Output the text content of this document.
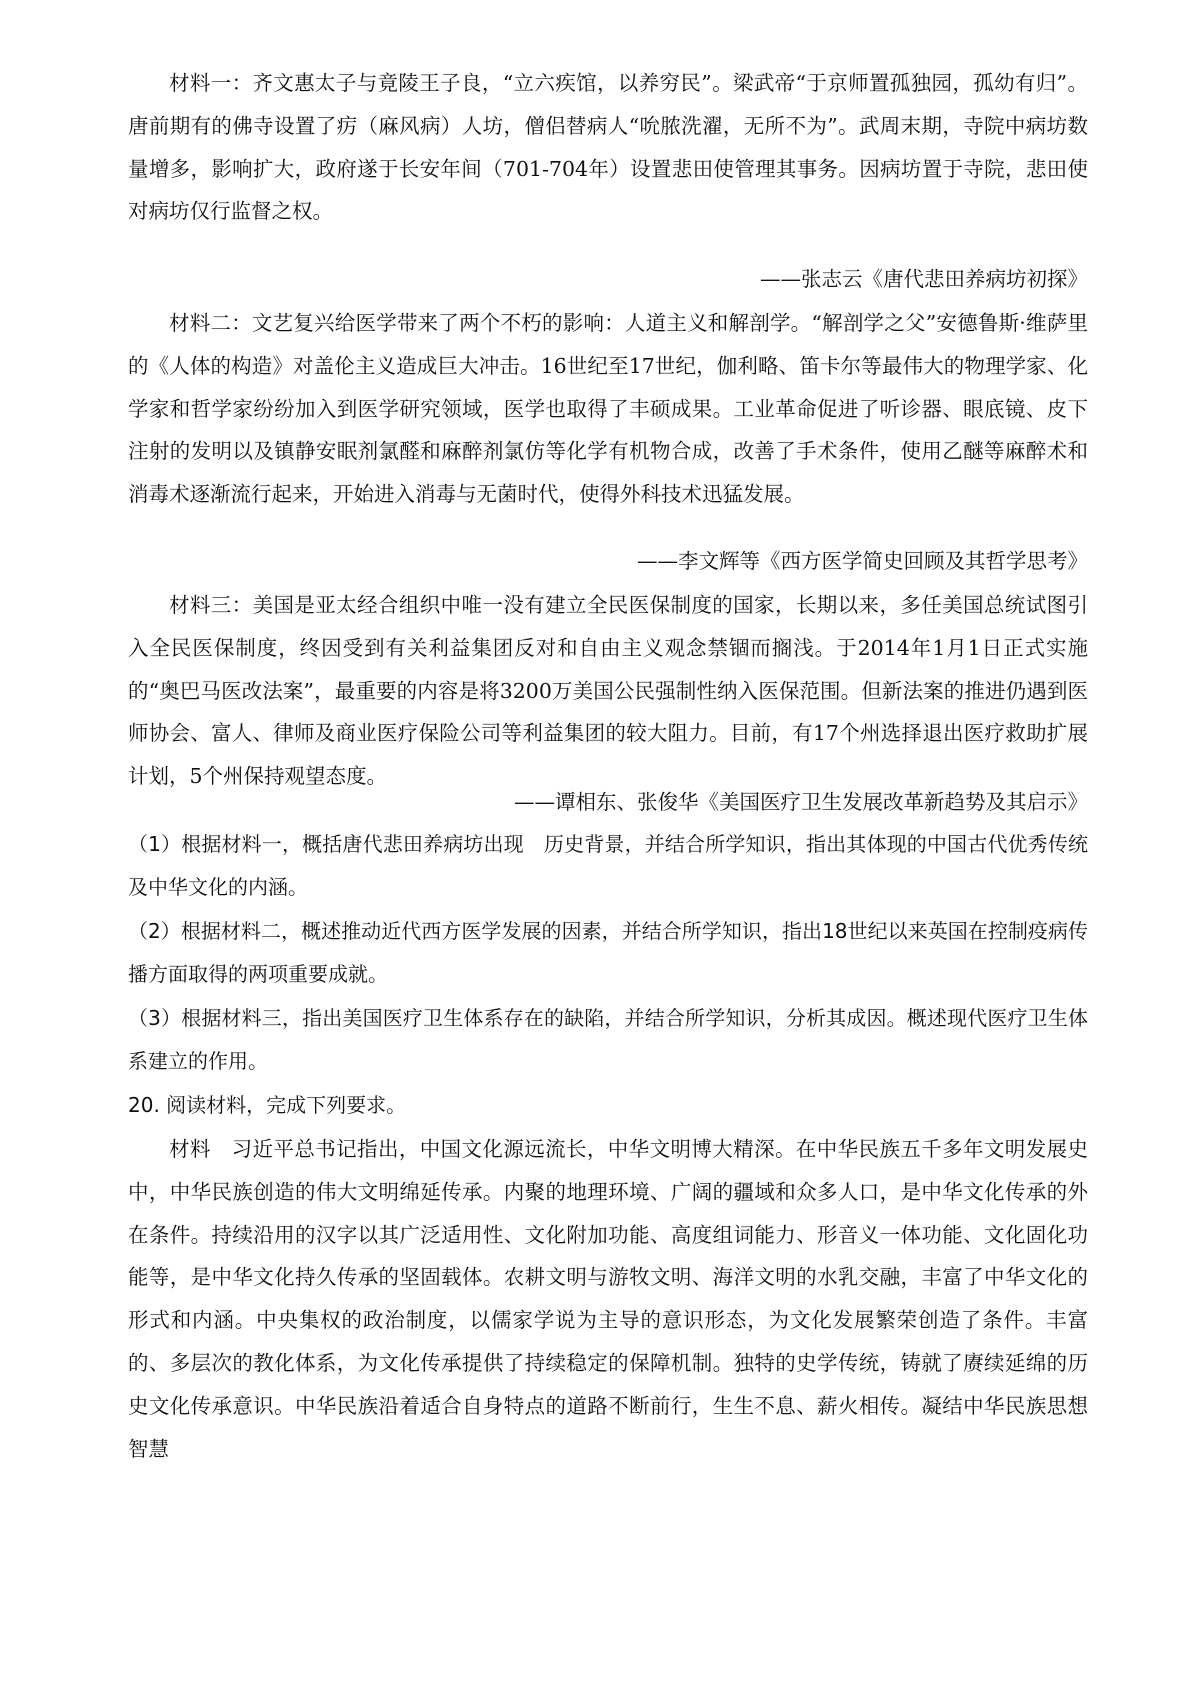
材料一：齐文惠太子与竟陵王子良，“立六疾馆，以养穷民”。梁武帝“于京师置孤独园，孤幼有归”。唐前期有的佛寺设置了疠（麻风病）人坊，僧侣替病人“吮脓洗濯，无所不为”。武周末期，寺院中病坊数量增多，影响扩大，政府遂于长安年间（701-704年）设置悲田使管理其事务。因病坊置于寺院，悲田使对病坊仅行监督之权。

——张志云《唐代悲田养病坊初探》

材料二：文艺复兴给医学带来了两个不朽的影响：人道主义和解剖学。“解剖学之父”安德鲁斯·维萨里的《人体的构造》对盖伦主义造成巨大冲击。16世纪至17世纪，伽利略、笛卡尔等最伟大的物理学家、化学家和哲学家纷纷加入到医学研究领域，医学也取得了丰硕成果。工业革命促进了听诊器、眼底镜、皮下注射的发明以及镇静安眠剂氯醛和麻醉剂氯仿等化学有机物合成，改善了手术条件，使用乙醚等麻醉术和消毒术逐渐流行起来，开始进入消毒与无菌时代，使得外科技术迅猛发展。

——李文辉等《西方医学简史回顾及其哲学思考》

材料三：美国是亚太经合组织中唯一没有建立全民医保制度的国家，长期以来，多任美国总统试图引入全民医保制度，终因受到有关利益集团反对和自由主义观念禁锢而搁浅。于2014年1月1日正式实施的“奥巴马医改法案”，最重要的内容是将3200万美国公民强制性纳入医保范围。但新法案的推进仍遇到医师协会、富人、律师及商业医疗保险公司等利益集团的较大阻力。目前，有17个州选择退出医疗救助扩展计划，5个州保持观望态度。

——谭相东、张俊华《美国医疗卫生发展改革新趋势及其启示》

（1）根据材料一，概括唐代悲田养病坊出现　历史背景，并结合所学知识，指出其体现的中国古代优秀传统及中华文化的内涵。

（2）根据材料二，概述推动近代西方医学发展的因素，并结合所学知识，指出18世纪以来英国在控制疫病传播方面取得的两项重要成就。

（3）根据材料三，指出美国医疗卫生体系存在的缺陷，并结合所学知识，分析其成因。概述现代医疗卫生体系建立的作用。

20. 阅读材料，完成下列要求。

材料　习近平总书记指出，中国文化源远流长，中华文明博大精深。在中华民族五千多年文明发展史中，中华民族创造的伟大文明绵延传承。内聚的地理环境、广阔的疆域和众多人口，是中华文化传承的外在条件。持续沿用的汉字以其广泛适用性、文化附加功能、高度组词能力、形音义一体功能、文化固化功能等，是中华文化持久传承的坚固载体。农耕文明与游牧文明、海洋文明的水乳交融，丰富了中华文化的形式和内涵。中央集权的政治制度，以儒家学说为主导的意识形态，为文化发展繁荣创造了条件。丰富的、多层次的教化体系，为文化传承提供了持续稳定的保障机制。独特的史学传统，铸就了赓续延绵的历史文化传承意识。中华民族沿着适合自身特点的道路不断前行，生生不息、薪火相传。凝结中华民族思想智慧
